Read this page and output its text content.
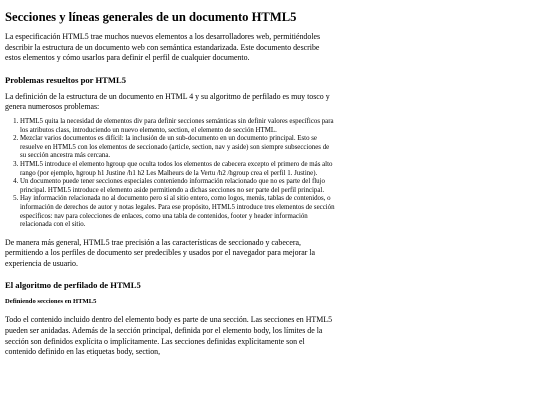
Secciones y líneas generales de un documento HTML5

La especificación HTML5 trae muchos nuevos elementos a los desarrolladores web, permitiéndoles describir la estructura de un documento web con semántica estandarizada. Este documento describe estos elementos y cómo usarlos para definir el perfil de cualquier documento.

Problemas resueltos por HTML5

La definición de la estructura de un documento en HTML 4 y su algoritmo de perfilado es muy tosco y genera numerosos problemas:

1. HTML5 quita la necesidad de elementos div para definir secciones semánticas sin definir valores específicos para los atributos class, introduciendo un nuevo elemento, section, el elemento de sección HTML.
2. Mezclar varios documentos es difícil: la inclusión de un sub-documento en un documento principal. Esto se resuelve en HTML5 con los elementos de seccionado (article, section, nav y aside) son siempre subsecciones de su sección ancestra más cercana.
3. HTML5 introduce el elemento hgroup que oculta todos los elementos de cabecera excepto el primero de más alto rango (por ejemplo, hgroup h1 Justine /h1 h2 Les Malheurs de la Vertu /h2 /hgroup crea el perfil 1. Justine).
4. Un documento puede tener secciones especiales conteniendo información relacionado que no es parte del flujo principal. HTML5 introduce el elemento aside permitiendo a dichas secciones no ser parte del perfil principal.
5. Hay información relacionada no al documento pero sí al sitio entero, como logos, menús, tablas de contenidos, o información de derechos de autor y notas legales. Para ese propósito, HTML5 introduce tres elementos de sección específicos: nav para colecciones de enlaces, como una tabla de contenidos, footer y header información relacionada con el sitio.

De manera más general, HTML5 trae precisión a las características de seccionado y cabecera, permitiendo a los perfiles de documento ser predecibles y usados por el navegador para mejorar la experiencia de usuario.

El algoritmo de perfilado de HTML5
Definiendo secciones en HTML5

Todo el contenido incluido dentro del elemento body es parte de una sección. Las secciones en HTML5 pueden ser anidadas. Además de la sección principal, definida por el elemento body, los límites de la sección son definidos explícita o implícitamente. Las secciones definidas explícitamente son el contenido definido en las etiquetas body, section,
